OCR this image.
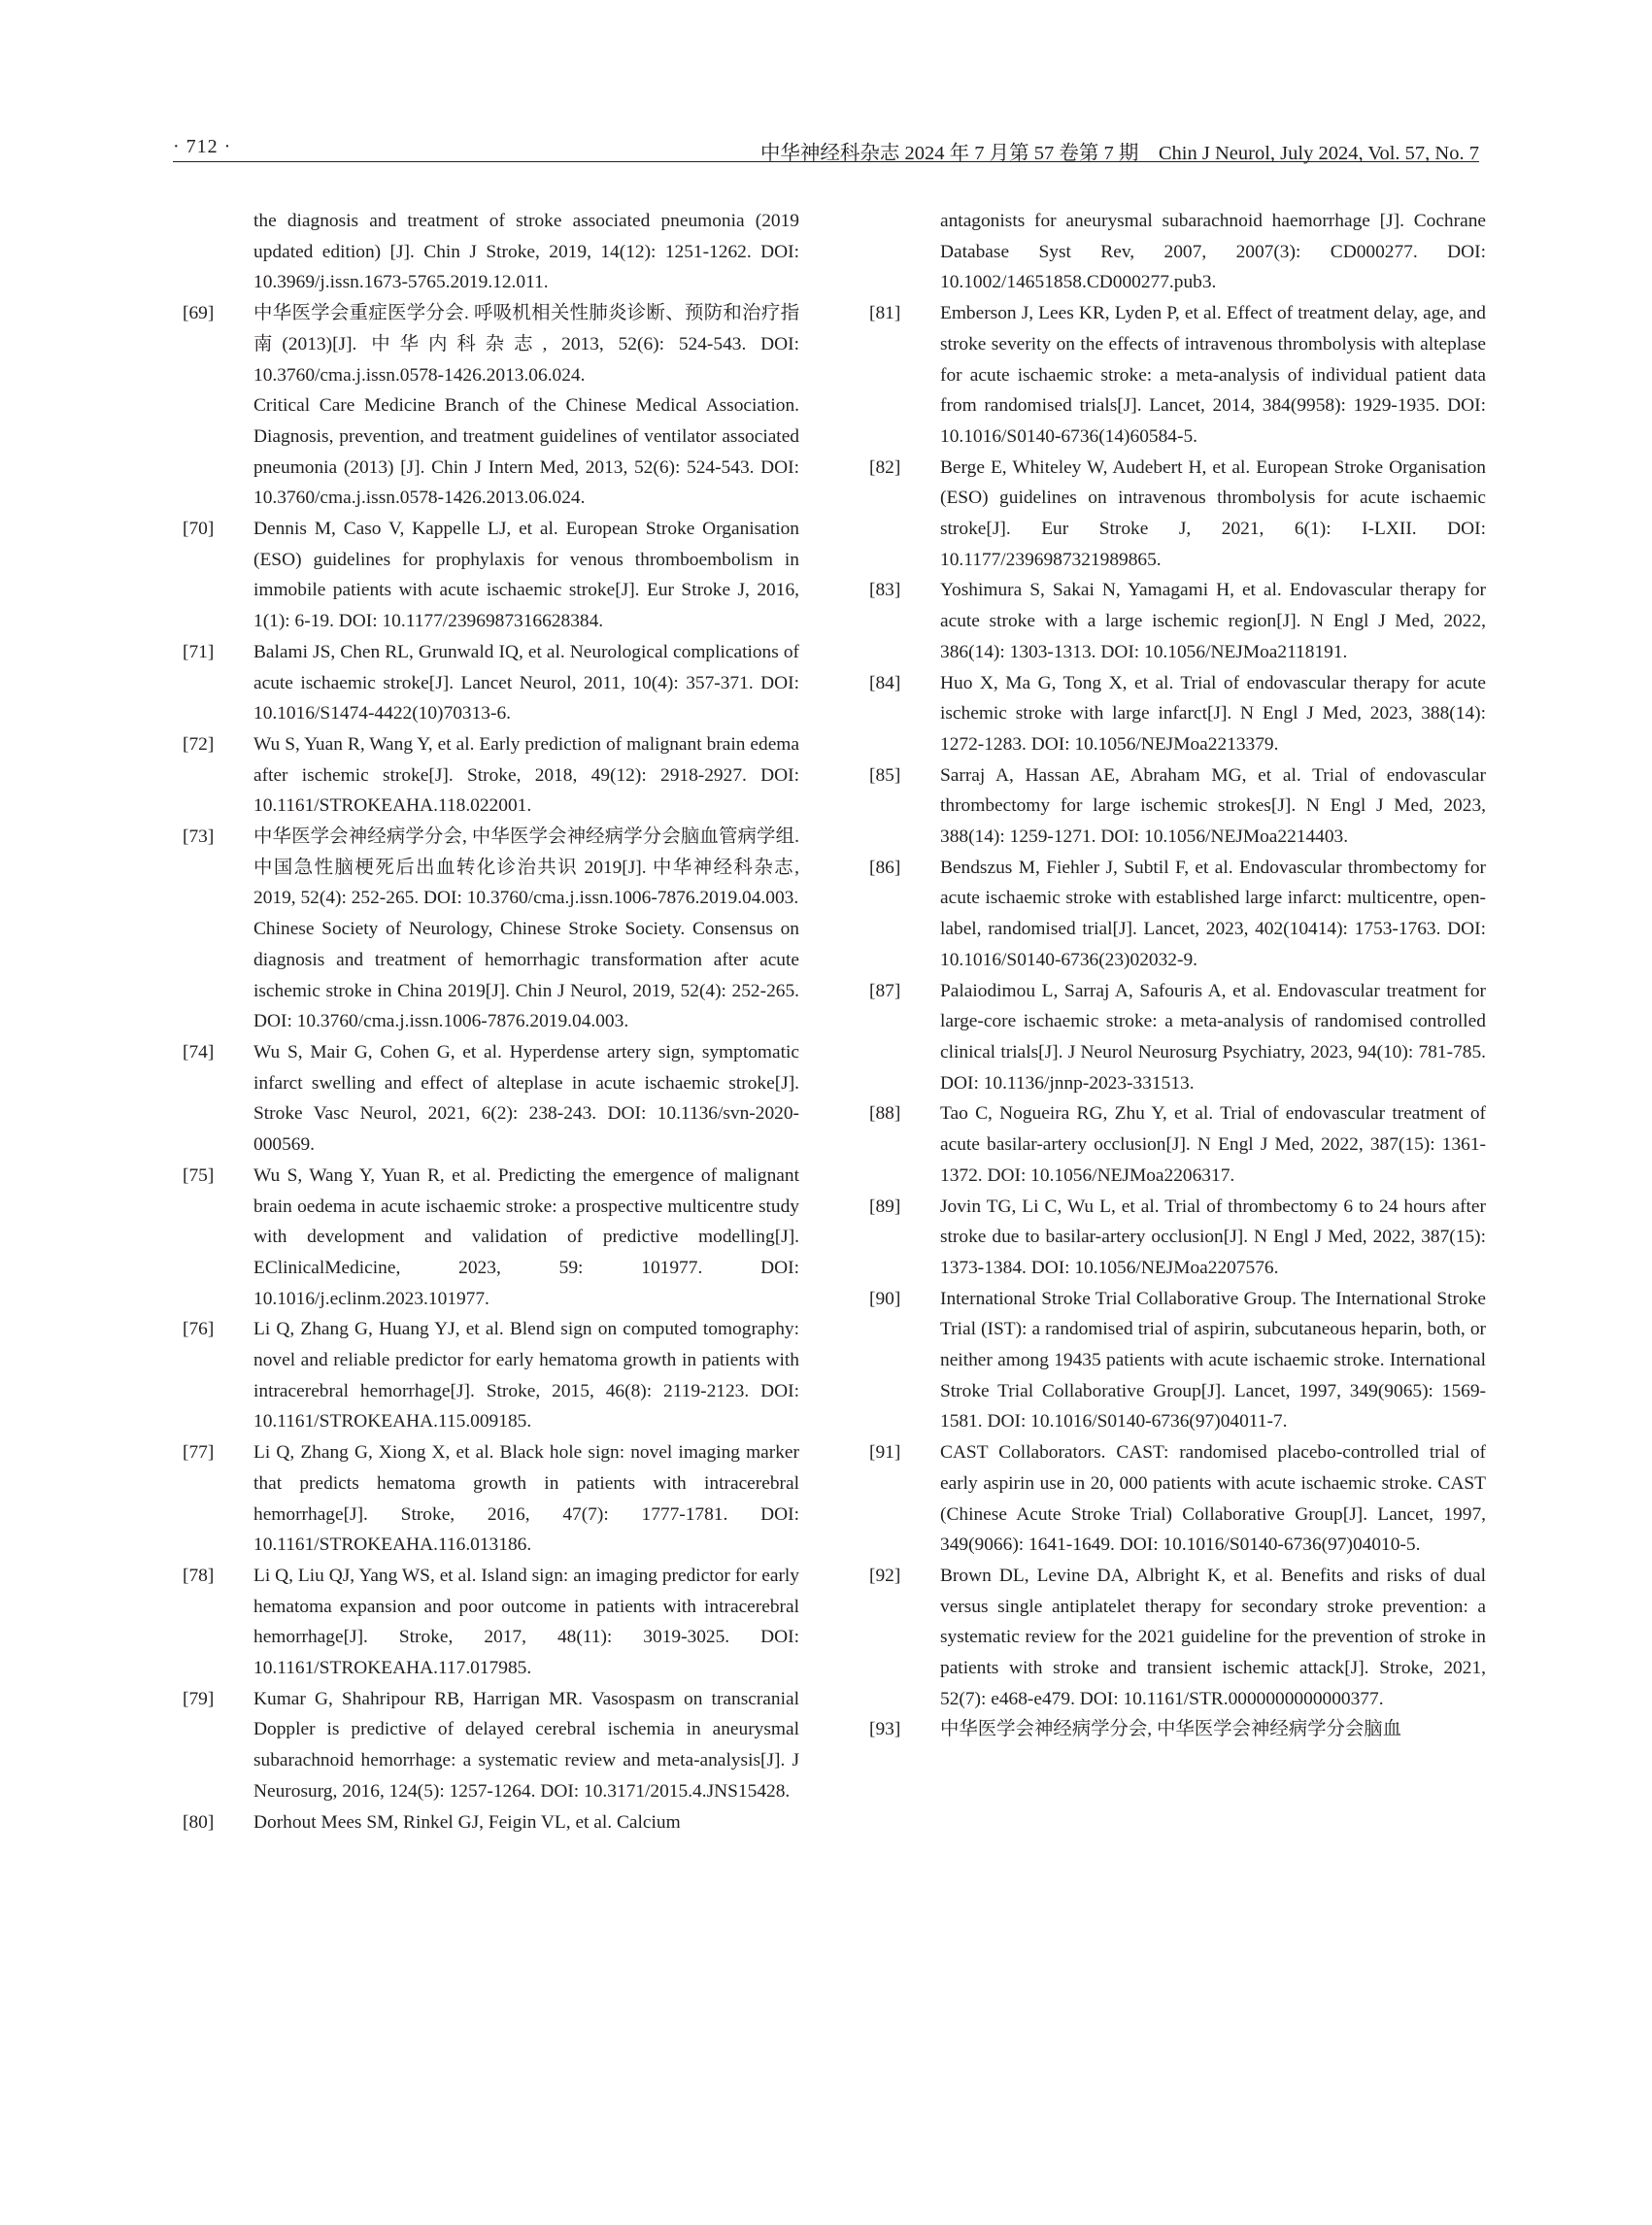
· 712 ·	中华神经科杂志 2024 年 7 月第 57 卷第 7 期　Chin J Neurol, July 2024, Vol. 57, No. 7
the diagnosis and treatment of stroke associated pneumonia (2019 updated edition) [J]. Chin J Stroke, 2019, 14(12): 1251-1262. DOI: 10.3969/j.issn.1673-5765.2019.12.011.
[69] 中华医学会重症医学分会. 呼吸机相关性肺炎诊断、预防和治疗指南(2013)[J]. 中华内科杂志, 2013, 52(6): 524-543. DOI: 10.3760/cma.j.issn.0578-1426.2013.06.024.
Critical Care Medicine Branch of the Chinese Medical Association. Diagnosis, prevention, and treatment guidelines of ventilator associated pneumonia (2013) [J]. Chin J Intern Med, 2013, 52(6): 524-543. DOI: 10.3760/cma.j.issn.0578-1426.2013.06.024.
[70] Dennis M, Caso V, Kappelle LJ, et al. European Stroke Organisation (ESO) guidelines for prophylaxis for venous thromboembolism in immobile patients with acute ischaemic stroke[J]. Eur Stroke J, 2016, 1(1): 6-19. DOI: 10.1177/2396987316628384.
[71] Balami JS, Chen RL, Grunwald IQ, et al. Neurological complications of acute ischaemic stroke[J]. Lancet Neurol, 2011, 10(4): 357-371. DOI: 10.1016/S1474-4422(10)70313-6.
[72] Wu S, Yuan R, Wang Y, et al. Early prediction of malignant brain edema after ischemic stroke[J]. Stroke, 2018, 49(12): 2918-2927. DOI: 10.1161/STROKEAHA.118.022001.
[73] 中华医学会神经病学分会, 中华医学会神经病学分会脑血管病学组. 中国急性脑梗死后出血转化诊治共识 2019[J]. 中华神经科杂志, 2019, 52(4): 252-265. DOI: 10.3760/cma.j.issn.1006-7876.2019.04.003.
Chinese Society of Neurology, Chinese Stroke Society. Consensus on diagnosis and treatment of hemorrhagic transformation after acute ischemic stroke in China 2019[J]. Chin J Neurol, 2019, 52(4): 252-265. DOI: 10.3760/cma.j.issn.1006-7876.2019.04.003.
[74] Wu S, Mair G, Cohen G, et al. Hyperdense artery sign, symptomatic infarct swelling and effect of alteplase in acute ischaemic stroke[J]. Stroke Vasc Neurol, 2021, 6(2): 238-243. DOI: 10.1136/svn-2020-000569.
[75] Wu S, Wang Y, Yuan R, et al. Predicting the emergence of malignant brain oedema in acute ischaemic stroke: a prospective multicentre study with development and validation of predictive modelling[J]. EClinicalMedicine, 2023, 59: 101977. DOI: 10.1016/j.eclinm.2023.101977.
[76] Li Q, Zhang G, Huang YJ, et al. Blend sign on computed tomography: novel and reliable predictor for early hematoma growth in patients with intracerebral hemorrhage[J]. Stroke, 2015, 46(8): 2119-2123. DOI: 10.1161/STROKEAHA.115.009185.
[77] Li Q, Zhang G, Xiong X, et al. Black hole sign: novel imaging marker that predicts hematoma growth in patients with intracerebral hemorrhage[J]. Stroke, 2016, 47(7): 1777-1781. DOI: 10.1161/STROKEAHA.116.013186.
[78] Li Q, Liu QJ, Yang WS, et al. Island sign: an imaging predictor for early hematoma expansion and poor outcome in patients with intracerebral hemorrhage[J]. Stroke, 2017, 48(11): 3019-3025. DOI: 10.1161/STROKEAHA.117.017985.
[79] Kumar G, Shahripour RB, Harrigan MR. Vasospasm on transcranial Doppler is predictive of delayed cerebral ischemia in aneurysmal subarachnoid hemorrhage: a systematic review and meta-analysis[J]. J Neurosurg, 2016, 124(5): 1257-1264. DOI: 10.3171/2015.4.JNS15428.
[80] Dorhout Mees SM, Rinkel GJ, Feigin VL, et al. Calcium
antagonists for aneurysmal subarachnoid haemorrhage [J]. Cochrane Database Syst Rev, 2007, 2007(3): CD000277. DOI: 10.1002/14651858.CD000277.pub3.
[81] Emberson J, Lees KR, Lyden P, et al. Effect of treatment delay, age, and stroke severity on the effects of intravenous thrombolysis with alteplase for acute ischaemic stroke: a meta-analysis of individual patient data from randomised trials[J]. Lancet, 2014, 384(9958): 1929-1935. DOI: 10.1016/S0140-6736(14)60584-5.
[82] Berge E, Whiteley W, Audebert H, et al. European Stroke Organisation (ESO) guidelines on intravenous thrombolysis for acute ischaemic stroke[J]. Eur Stroke J, 2021, 6(1): I-LXII. DOI: 10.1177/2396987321989865.
[83] Yoshimura S, Sakai N, Yamagami H, et al. Endovascular therapy for acute stroke with a large ischemic region[J]. N Engl J Med, 2022, 386(14): 1303-1313. DOI: 10.1056/NEJMoa2118191.
[84] Huo X, Ma G, Tong X, et al. Trial of endovascular therapy for acute ischemic stroke with large infarct[J]. N Engl J Med, 2023, 388(14): 1272-1283. DOI: 10.1056/NEJMoa2213379.
[85] Sarraj A, Hassan AE, Abraham MG, et al. Trial of endovascular thrombectomy for large ischemic strokes[J]. N Engl J Med, 2023, 388(14): 1259-1271. DOI: 10.1056/NEJMoa2214403.
[86] Bendszus M, Fiehler J, Subtil F, et al. Endovascular thrombectomy for acute ischaemic stroke with established large infarct: multicentre, open-label, randomised trial[J]. Lancet, 2023, 402(10414): 1753-1763. DOI: 10.1016/S0140-6736(23)02032-9.
[87] Palaiodimou L, Sarraj A, Safouris A, et al. Endovascular treatment for large-core ischaemic stroke: a meta-analysis of randomised controlled clinical trials[J]. J Neurol Neurosurg Psychiatry, 2023, 94(10): 781-785. DOI: 10.1136/jnnp-2023-331513.
[88] Tao C, Nogueira RG, Zhu Y, et al. Trial of endovascular treatment of acute basilar-artery occlusion[J]. N Engl J Med, 2022, 387(15): 1361-1372. DOI: 10.1056/NEJMoa2206317.
[89] Jovin TG, Li C, Wu L, et al. Trial of thrombectomy 6 to 24 hours after stroke due to basilar-artery occlusion[J]. N Engl J Med, 2022, 387(15): 1373-1384. DOI: 10.1056/NEJMoa2207576.
[90] International Stroke Trial Collaborative Group. The International Stroke Trial (IST): a randomised trial of aspirin, subcutaneous heparin, both, or neither among 19435 patients with acute ischaemic stroke. International Stroke Trial Collaborative Group[J]. Lancet, 1997, 349(9065): 1569-1581. DOI: 10.1016/S0140-6736(97)04011-7.
[91] CAST Collaborators. CAST: randomised placebo-controlled trial of early aspirin use in 20, 000 patients with acute ischaemic stroke. CAST (Chinese Acute Stroke Trial) Collaborative Group[J]. Lancet, 1997, 349(9066): 1641-1649. DOI: 10.1016/S0140-6736(97)04010-5.
[92] Brown DL, Levine DA, Albright K, et al. Benefits and risks of dual versus single antiplatelet therapy for secondary stroke prevention: a systematic review for the 2021 guideline for the prevention of stroke in patients with stroke and transient ischemic attack[J]. Stroke, 2021, 52(7): e468-e479. DOI: 10.1161/STR.0000000000000377.
[93] 中华医学会神经病学分会, 中华医学会神经病学分会脑血
